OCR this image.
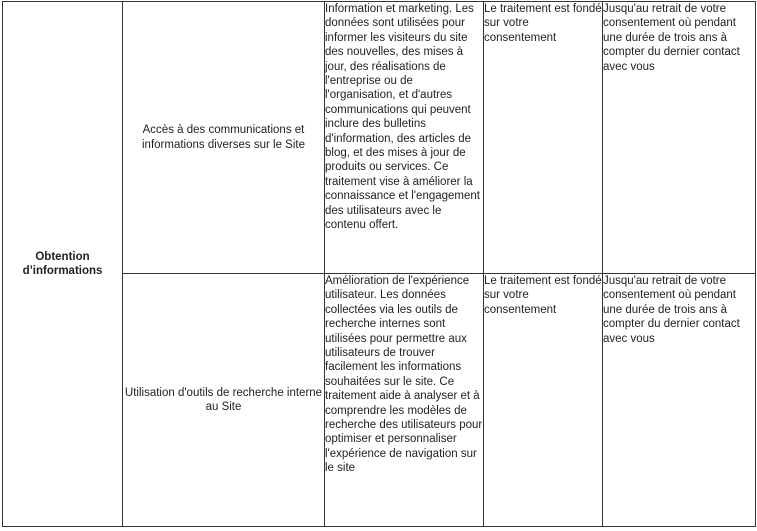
Obtention d’informations	Accès à des communications et informations diverses sur le Site	Information et marketing. Les données sont utilisées pour informer les visiteurs du site des nouvelles, des mises à jour, des réalisations de l'entreprise ou de l'organisation, et d'autres communications qui peuvent inclure des bulletins d'information, des articles de blog, et des mises à jour de produits ou services. Ce traitement vise à améliorer la connaissance et l'engagement des utilisateurs avec le contenu offert.	Le traitement est fondé sur votre consentement	Jusqu'au retrait de votre consentement où pendant une durée de trois ans à compter du dernier contact avec vous
	Utilisation d'outils de recherche interne au Site	Amélioration de l'expérience utilisateur. Les données collectées via les outils de recherche internes sont utilisées pour permettre aux utilisateurs de trouver facilement les informations souhaitées sur le site. Ce traitement aide à analyser et à comprendre les modèles de recherche des utilisateurs pour optimiser et personnaliser l'expérience de navigation sur le site	Le traitement est fondé sur votre consentement	Jusqu'au retrait de votre consentement où pendant une durée de trois ans à compter du dernier contact avec vous
